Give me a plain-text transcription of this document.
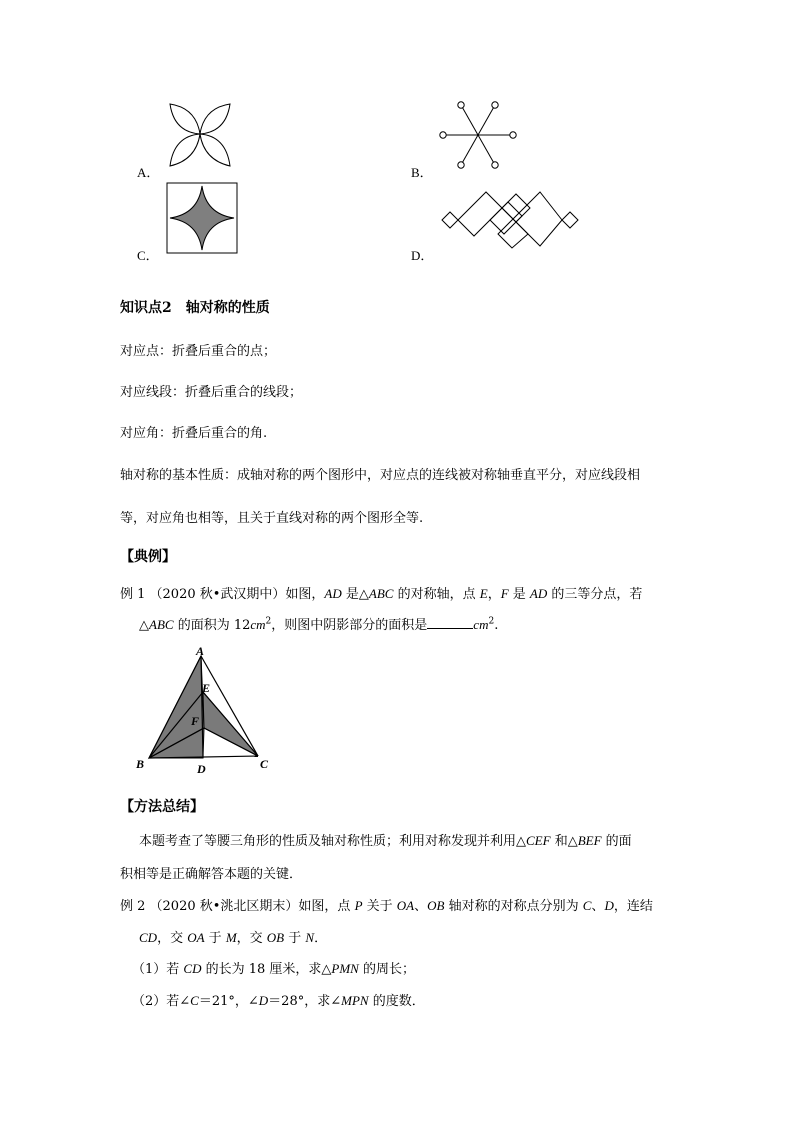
A．	B．
C．	D．
知识点2　轴对称的性质
对应点：折叠后重合的点；
对应线段：折叠后重合的线段；
对应角：折叠后重合的角.
轴对称的基本性质：成轴对称的两个图形中，对应点的连线被对称轴垂直平分，对应线段相
等，对应角也相等，且关于直线对称的两个图形全等.
【典例】
例 1 （2020 秋•武汉期中）如图，AD 是△ABC 的对称轴，点 E，F 是 AD 的三等分点，若
△ABC 的面积为 $12cm^2$，则图中阴影部分的面积是	$cm^2$.
A
E
F
B	D	C
【方法总结】
本题考查了等腰三角形的性质及轴对称性质；利用对称发现并利用△CEF 和△BEF 的面
积相等是正确解答本题的关键．
例 2 （2020 秋•洮北区期末）如图，点 P 关于 OA、OB 轴对称的对称点分别为 C、D，连结
CD，交 OA 于 M，交 OB 于 N．
（1）若 CD 的长为 18 厘米，求△PMN 的周长；
（2）若∠C＝21°，∠D＝28°，求∠MPN 的度数．
